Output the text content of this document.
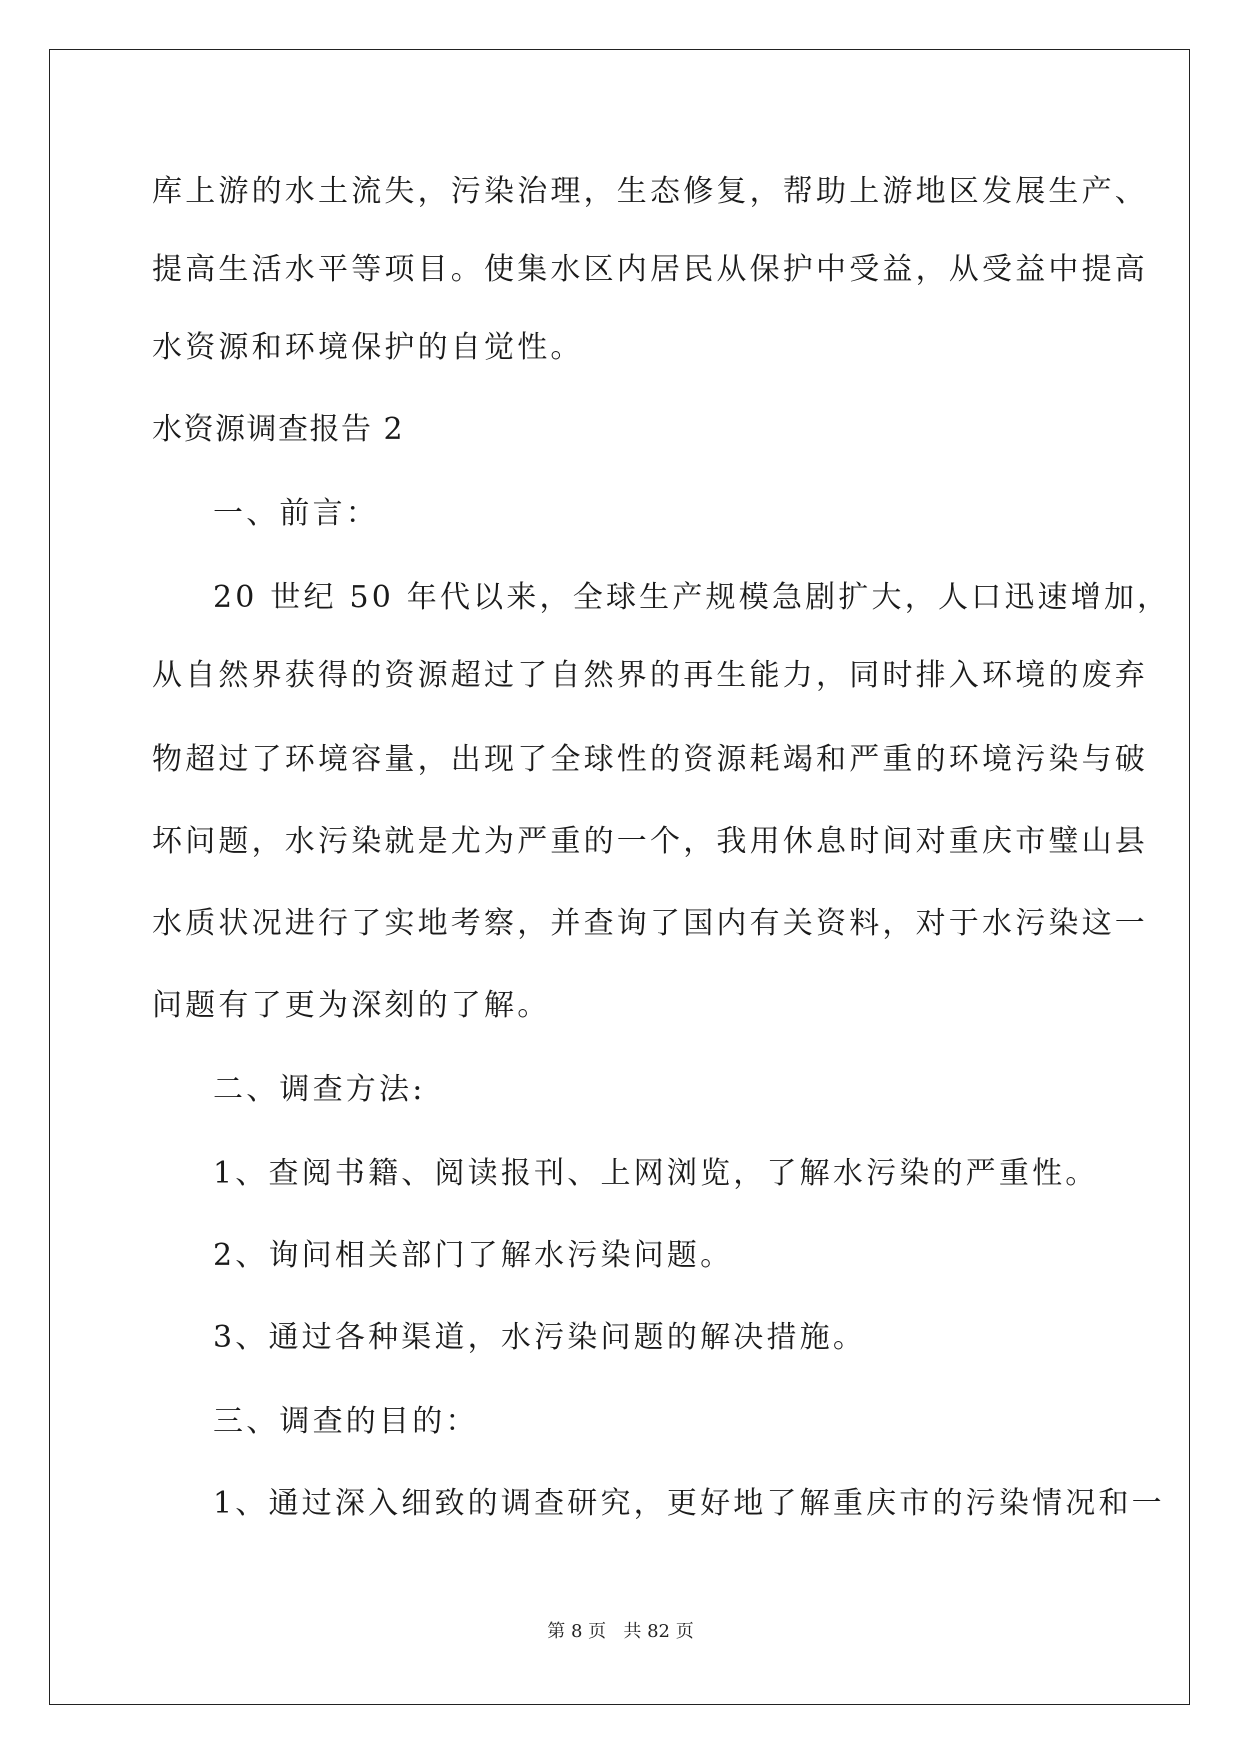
库上游的水土流失，污染治理，生态修复，帮助上游地区发展生产、
提高生活水平等项目。使集水区内居民从保护中受益，从受益中提高
水资源和环境保护的自觉性。
水资源调查报告 2
一、前言：
20 世纪 50 年代以来，全球生产规模急剧扩大，人口迅速增加，
从自然界获得的资源超过了自然界的再生能力，同时排入环境的废弃
物超过了环境容量，出现了全球性的资源耗竭和严重的环境污染与破
坏问题，水污染就是尤为严重的一个，我用休息时间对重庆市璧山县
水质状况进行了实地考察，并查询了国内有关资料，对于水污染这一
问题有了更为深刻的了解。
二、调查方法:
1、查阅书籍、阅读报刊、上网浏览，了解水污染的严重性。
2、询问相关部门了解水污染问题。
3、通过各种渠道，水污染问题的解决措施。
三、调查的目的：
1、通过深入细致的调查研究，更好地了解重庆市的污染情况和一
第 8 页   共 82 页
